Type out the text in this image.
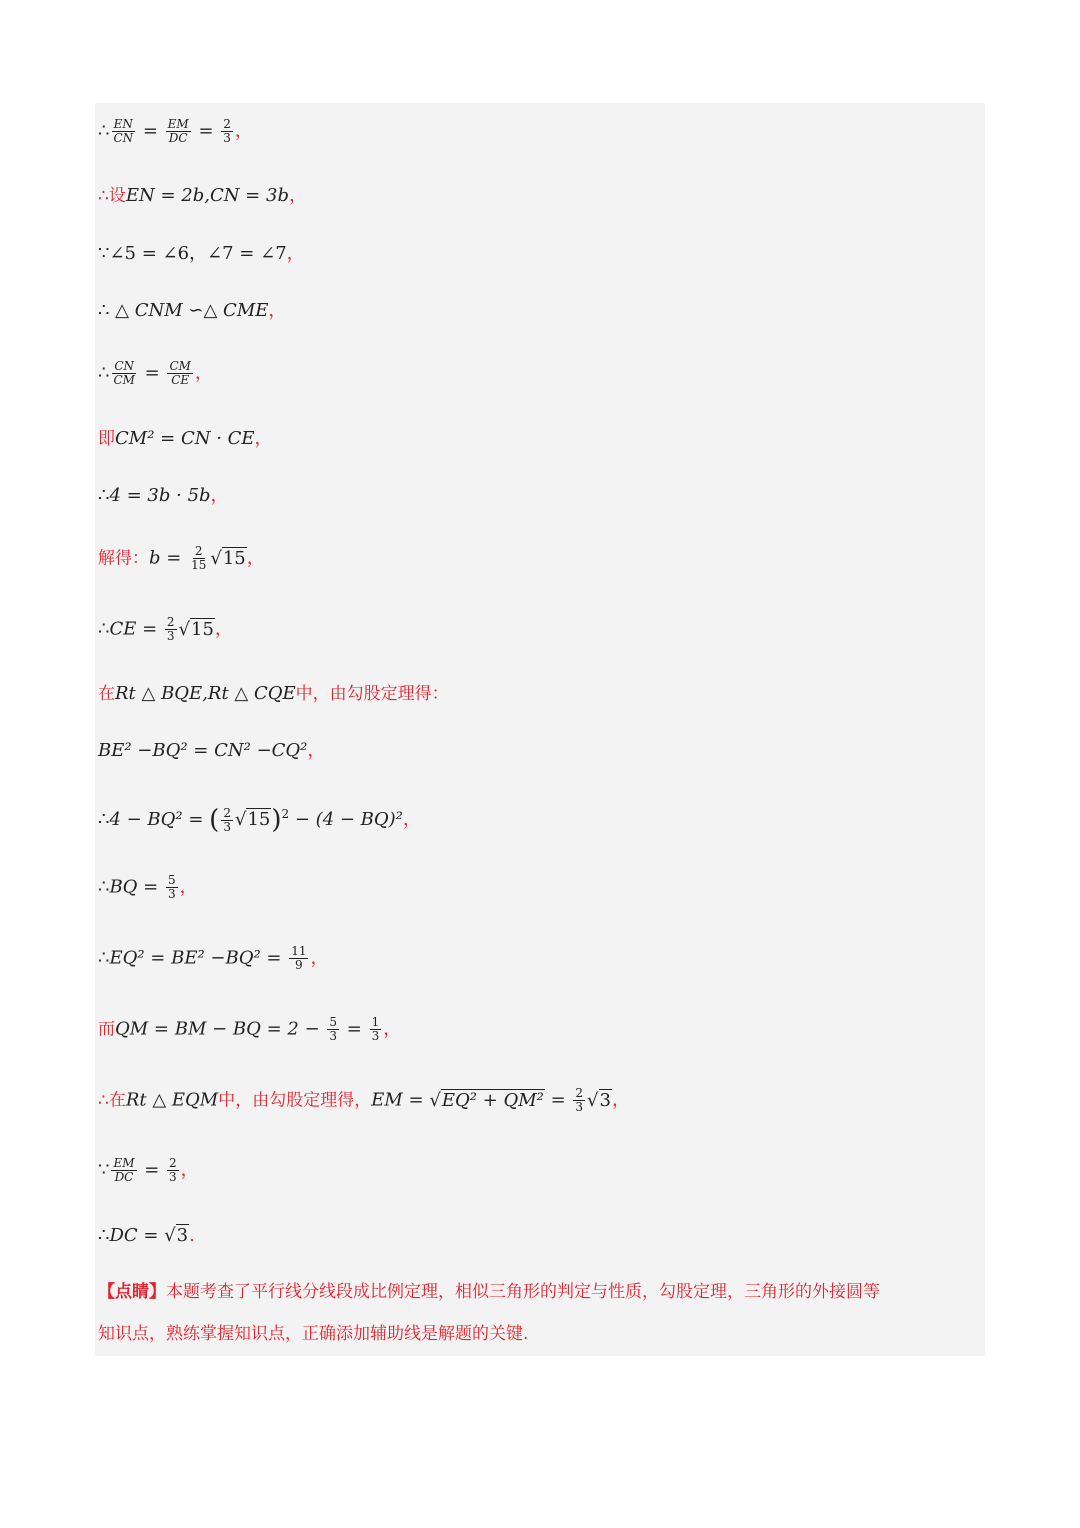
∴ $\frac{EN}{CN} = \frac{EM}{DC} = \frac{2}{3}$ ，
∴设EN = 2b,CN = 3b，
∵∠5 = ∠6，∠7 = ∠7，
∴ △ CNM ∽△ CME，
∴ $\frac{CN}{CM} = \frac{CM}{CE}$ ，
即CM² = CN · CE，
∴4 = 3b · 5b，
解得：$b = \frac{2}{15} √15$，
∴CE = $\frac{2}{3} √15$，
在Rt △ BQE,Rt △ CQE中，由勾股定理得：
BE² −BQ² = CN² −CQ²，
∴4 − BQ² = ( $\frac{2}{3} √15)^2 - (4 - BQ)^2$，
∴BQ = $\frac{5}{3}$ ，
∴EQ² = $BE^2 -BQ^2 = \frac{11}{9}$ ，
而QM = BM − BQ = $2 - \frac{5}{3} = \frac{1}{3}$ ，
∴在Rt △ EQM中，由勾股定理得，EM = $√EQ^2 + QM^2 = \frac{2}{3} √3$，
∵ $\frac{EM}{DC} = \frac{2}{3}$ ，
∴DC = √3.
【点睛】本题考查了平行线分线段成比例定理，相似三角形的判定与性质，勾股定理，三角形的外接圆等
知识点，熟练掌握知识点，正确添加辅助线是解题的关键.
